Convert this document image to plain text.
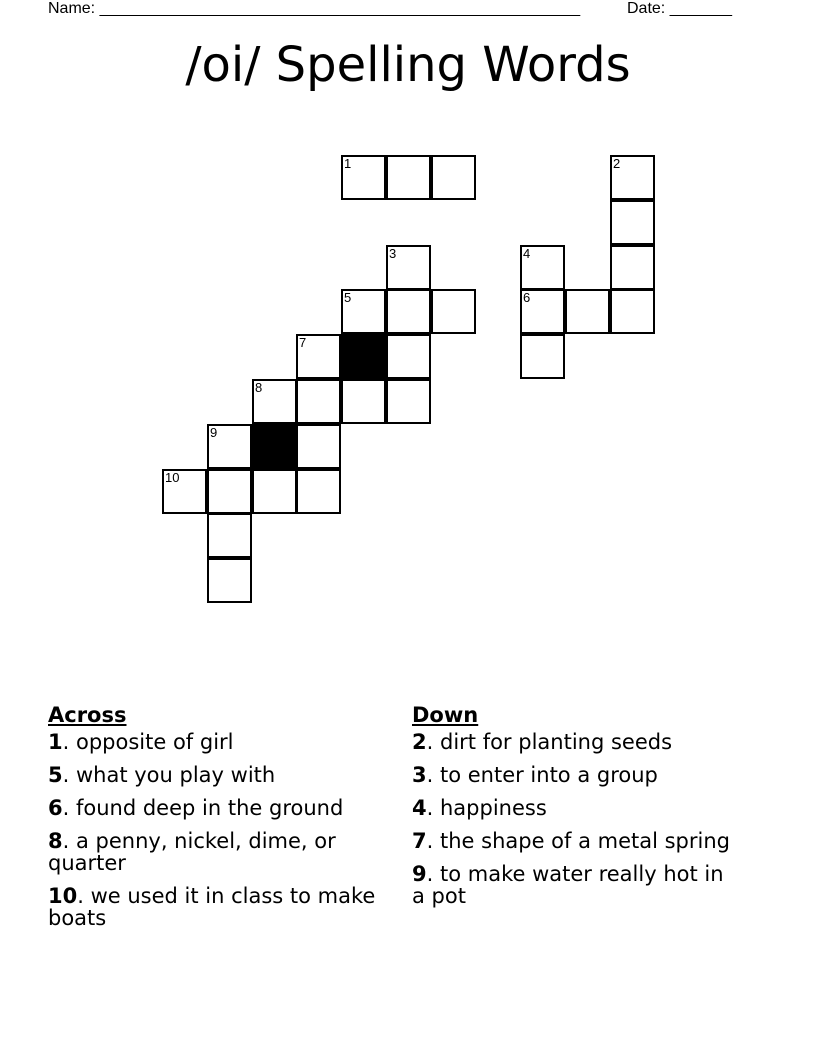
Name: ______________________________________________________	Date: _______
/oi/ Spelling Words
1	2
3	4
6
5
7
8
9
10
Across
1. opposite of girl
5. what you play with
6. found deep in the ground
8. a penny, nickel, dime, or quarter
10. we used it in class to make boats
Down
2. dirt for planting seeds
3. to enter into a group
4. happiness
7. the shape of a metal spring
9. to make water really hot in a pot
